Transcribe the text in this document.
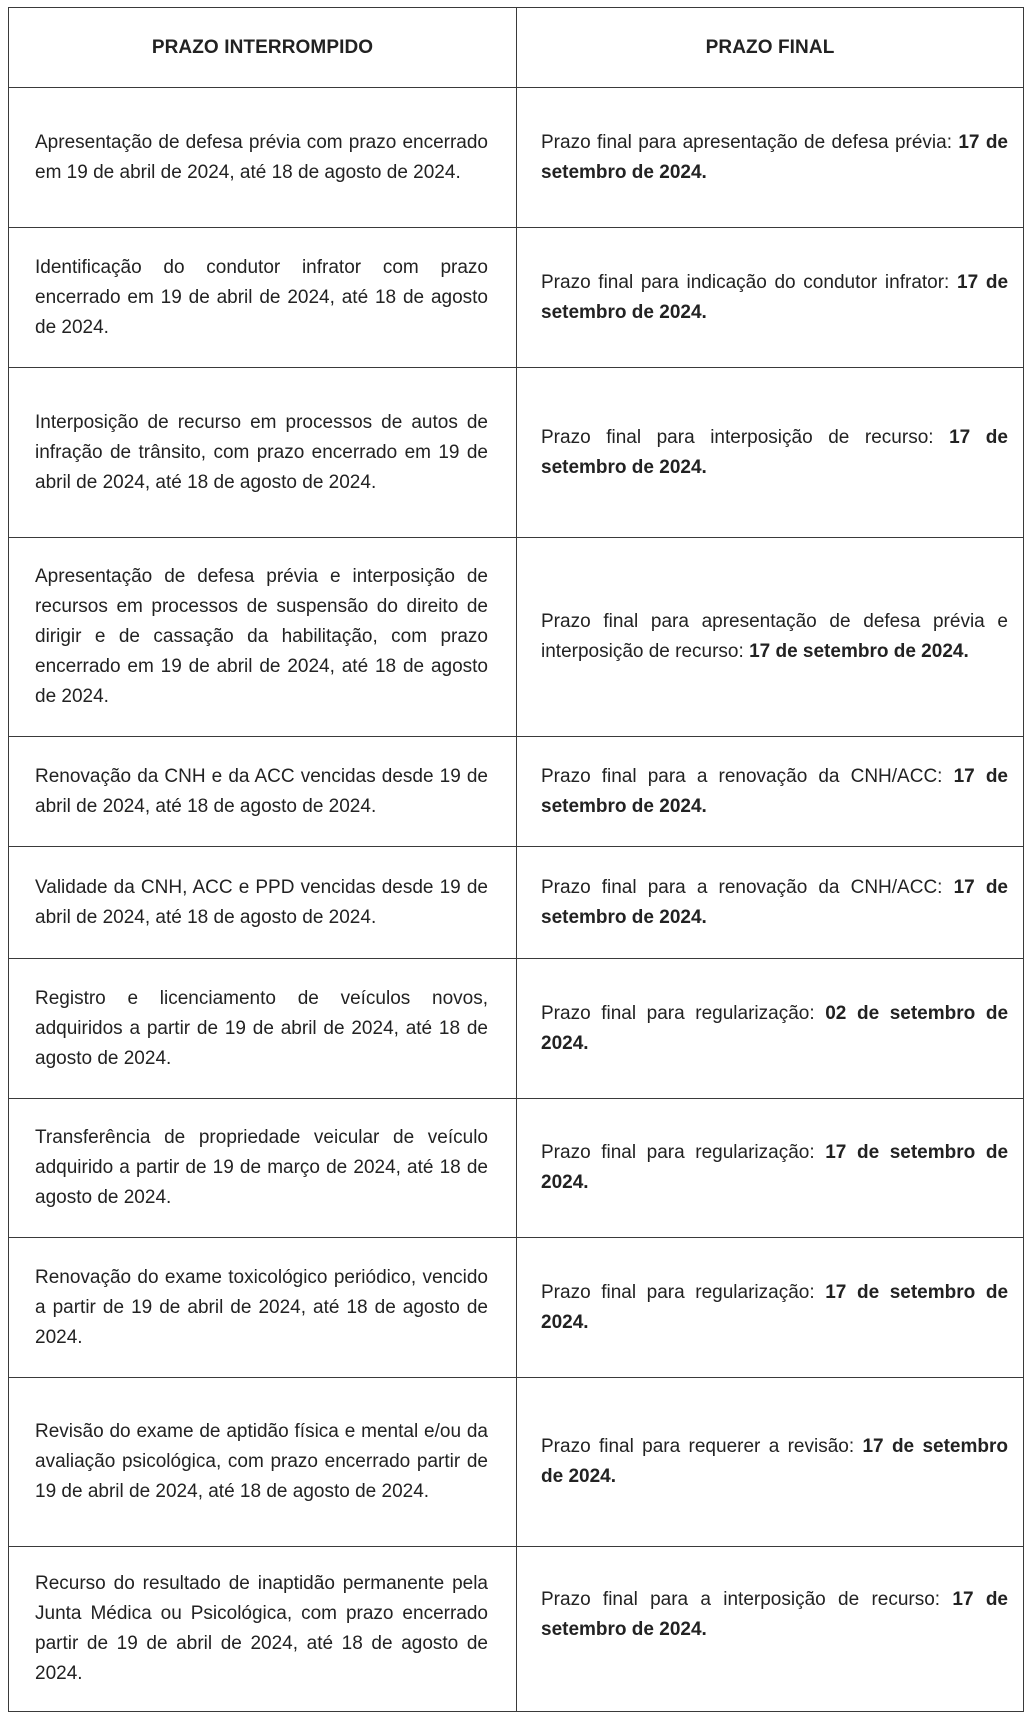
PRAZO INTERROMPIDO	PRAZO FINAL
Apresentação de defesa prévia com prazo encerrado em 19 de abril de 2024, até 18 de agosto de 2024.	Prazo final para apresentação de defesa prévia: 17 de setembro de 2024.
Identificação do condutor infrator com prazo encerrado em 19 de abril de 2024, até 18 de agosto de 2024.	Prazo final para indicação do condutor infrator: 17 de setembro de 2024.
Interposição de recurso em processos de autos de infração de trânsito, com prazo encerrado em 19 de abril de 2024, até 18 de agosto de 2024.	Prazo final para interposição de recurso: 17 de setembro de 2024.
Apresentação de defesa prévia e interposição de recursos em processos de suspensão do direito de dirigir e de cassação da habilitação, com prazo encerrado em 19 de abril de 2024, até 18 de agosto de 2024.	Prazo final para apresentação de defesa prévia e interposição de recurso: 17 de setembro de 2024.
Renovação da CNH e da ACC vencidas desde 19 de abril de 2024, até 18 de agosto de 2024.	Prazo final para a renovação da CNH/ACC: 17 de setembro de 2024.
Validade da CNH, ACC e PPD vencidas desde 19 de abril de 2024, até 18 de agosto de 2024.	Prazo final para a renovação da CNH/ACC: 17 de setembro de 2024.
Registro e licenciamento de veículos novos, adquiridos a partir de 19 de abril de 2024, até 18 de agosto de 2024.	Prazo final para regularização: 02 de setembro de 2024.
Transferência de propriedade veicular de veículo adquirido a partir de 19 de março de 2024, até 18 de agosto de 2024.	Prazo final para regularização: 17 de setembro de 2024.
Renovação do exame toxicológico periódico, vencido a partir de 19 de abril de 2024, até 18 de agosto de 2024.	Prazo final para regularização: 17 de setembro de 2024.
Revisão do exame de aptidão física e mental e/ou da avaliação psicológica, com prazo encerrado partir de 19 de abril de 2024, até 18 de agosto de 2024.	Prazo final para requerer a revisão: 17 de setembro de 2024.
Recurso do resultado de inaptidão permanente pela Junta Médica ou Psicológica, com prazo encerrado partir de 19 de abril de 2024, até 18 de agosto de 2024.	Prazo final para a interposição de recurso: 17 de setembro de 2024.
